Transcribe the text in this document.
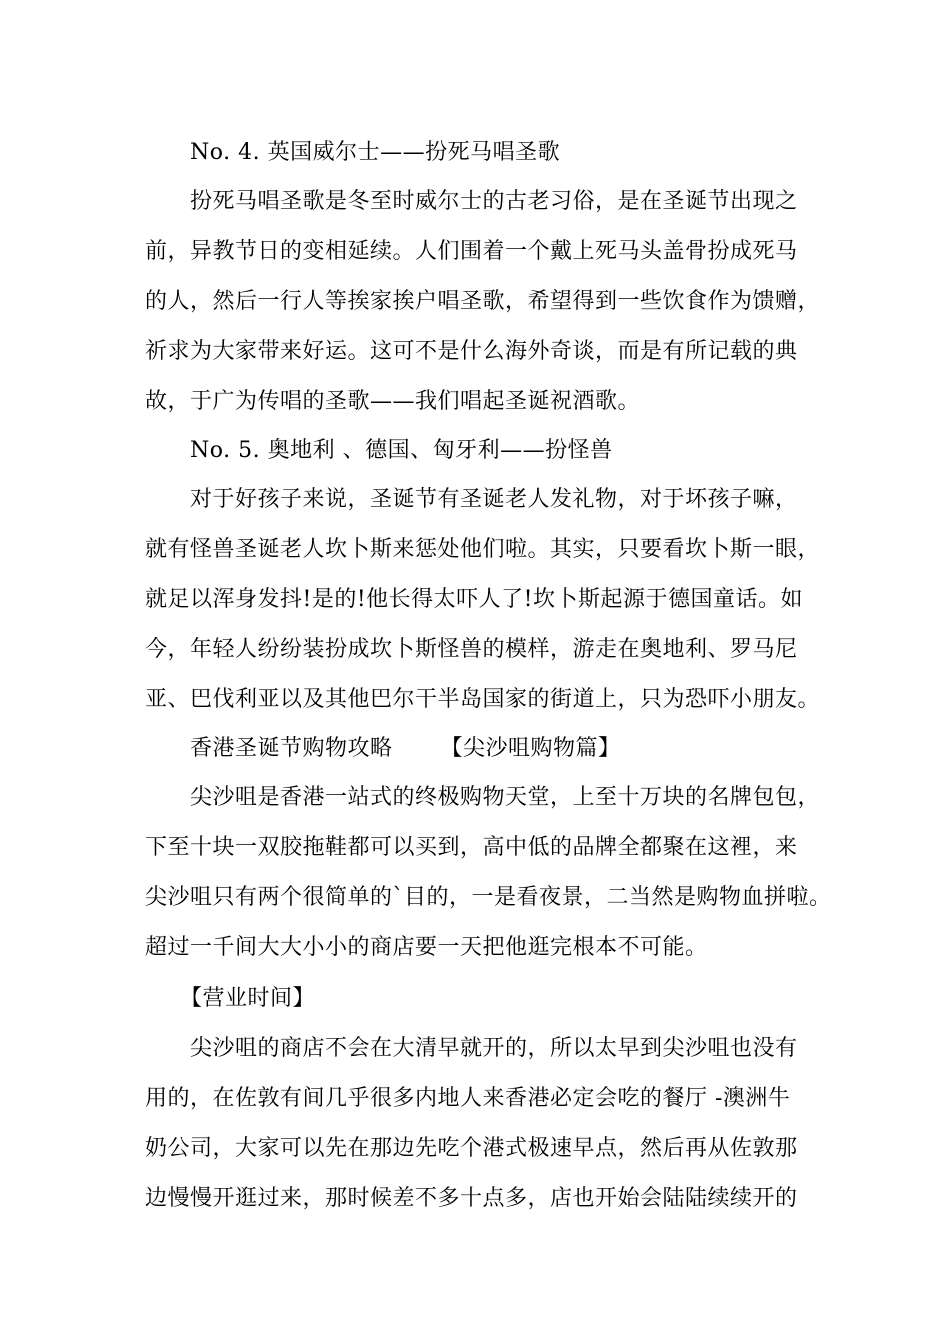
No. 4. 英国威尔士——扮死马唱圣歌
扮死马唱圣歌是冬至时威尔士的古老习俗，是在圣诞节出现之
前，异教节日的变相延续。人们围着一个戴上死马头盖骨扮成死马
的人，然后一行人等挨家挨户唱圣歌，希望得到一些饮食作为馈赠，
祈求为大家带来好运。这可不是什么海外奇谈，而是有所记载的典
故，于广为传唱的圣歌——我们唱起圣诞祝酒歌。
No. 5. 奥地利 、德国、匈牙利——扮怪兽
对于好孩子来说，圣诞节有圣诞老人发礼物，对于坏孩子嘛，
就有怪兽圣诞老人坎卜斯来惩处他们啦。其实，只要看坎卜斯一眼，
就足以浑身发抖!是的!他长得太吓人了!坎卜斯起源于德国童话。如
今，年轻人纷纷装扮成坎卜斯怪兽的模样，游走在奥地利、罗马尼
亚、巴伐利亚以及其他巴尔干半岛国家的街道上，只为恐吓小朋友。
香港圣诞节购物攻略 【尖沙咀购物篇】
尖沙咀是香港一站式的终极购物天堂，上至十万块的名牌包包，
下至十块一双胶拖鞋都可以买到，高中低的品牌全都聚在这裡，来
尖沙咀只有两个很简单的`目的，一是看夜景，二当然是购物血拼啦。
超过一千间大大小小的商店要一天把他逛完根本不可能。
【营业时间】
尖沙咀的商店不会在大清早就开的，所以太早到尖沙咀也没有
用的，在佐敦有间几乎很多内地人来香港必定会吃的餐厅 -澳洲牛
奶公司，大家可以先在那边先吃个港式极速早点，然后再从佐敦那
边慢慢开逛过来，那时候差不多十点多，店也开始会陆陆续续开的
